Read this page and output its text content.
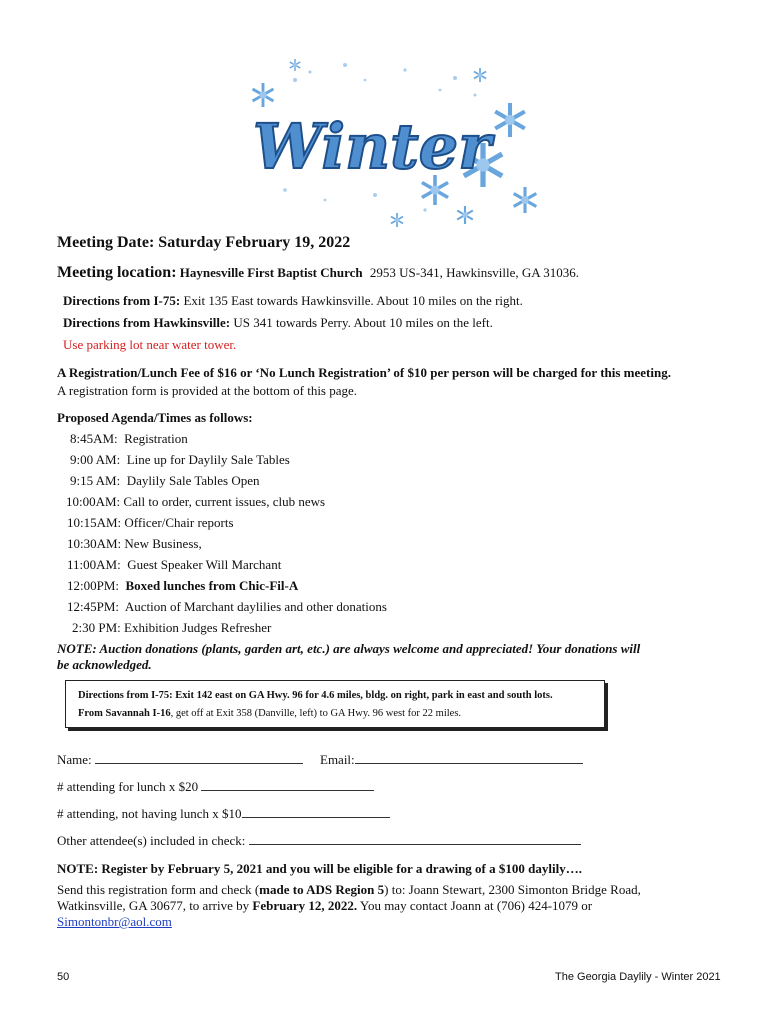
Winter
Meeting Date: Saturday February 19, 2022
Meeting location: Haynesville First Baptist Church 2953 US-341, Hawkinsville, GA 31036.
Directions from I-75: Exit 135 East towards Hawkinsville. About 10 miles on the right.
Directions from Hawkinsville: US 341 towards Perry. About 10 miles on the left.
Use parking lot near water tower.
A Registration/Lunch Fee of $16 or ‘No Lunch Registration’ of $10 per person will be charged for this meeting.
A registration form is provided at the bottom of this page.
Proposed Agenda/Times as follows:
8:45AM: Registration
9:00 AM: Line up for Daylily Sale Tables
9:15 AM: Daylily Sale Tables Open
10:00AM: Call to order, current issues, club news
10:15AM: Officer/Chair reports
10:30AM: New Business,
11:00AM: Guest Speaker Will Marchant
12:00PM: Boxed lunches from Chic-Fil-A
12:45PM: Auction of Marchant daylilies and other donations
2:30 PM: Exhibition Judges Refresher
NOTE: Auction donations (plants, garden art, etc.) are always welcome and appreciated! Your donations will
be acknowledged.
Directions from I-75: Exit 142 east on GA Hwy. 96 for 4.6 miles, bldg. on right, park in east and south lots.
From Savannah I-16, get off at Exit 358 (Danville, left) to GA Hwy. 96 west for 22 miles.
Name:	Email:
# attending for lunch x $20
# attending, not having lunch x $10
Other attendee(s) included in check:
NOTE: Register by February 5, 2021 and you will be eligible for a drawing of a $100 daylily….
Send this registration form and check (made to ADS Region 5) to: Joann Stewart, 2300 Simonton Bridge Road,
Watkinsville, GA 30677, to arrive by February 12, 2022. You may contact Joann at (706) 424-1079 or
Simontonbr@aol.com
50	The Georgia Daylily - Winter 2021
